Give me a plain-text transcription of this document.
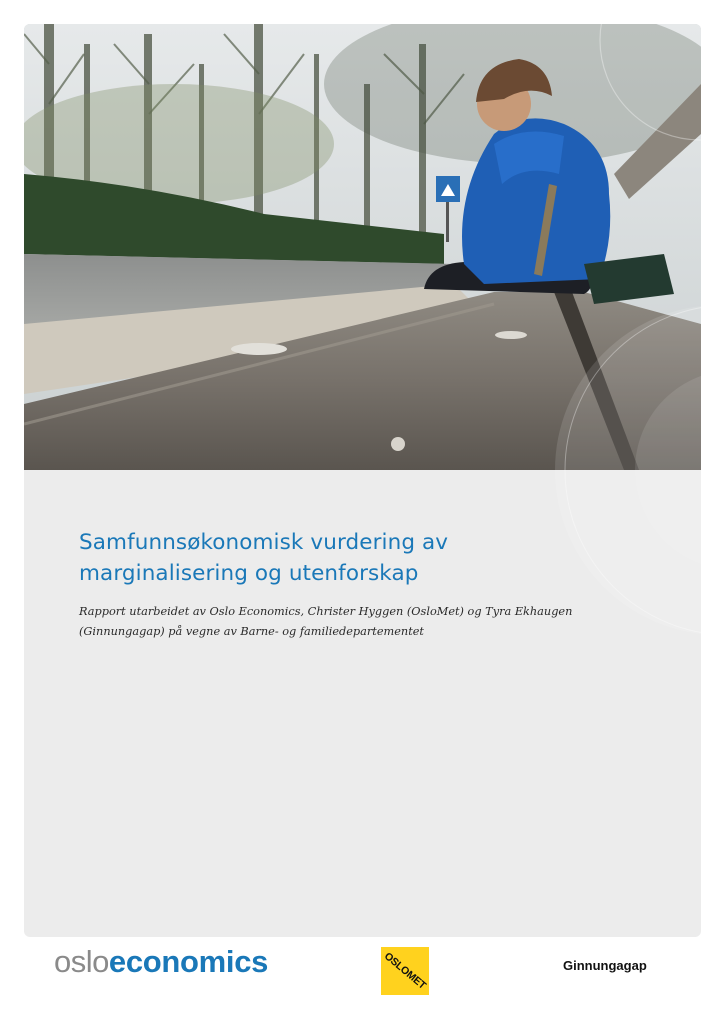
Samfunnsøkonomisk vurdering av
marginalisering og utenforskap

Rapport utarbeidet av Oslo Economics, Christer Hyggen (OsloMet) og Tyra Ekhaugen
(Ginnungagap) på vegne av Barne- og familiedepartementet

osloeconomics	OSLOMET	Ginnungagap
